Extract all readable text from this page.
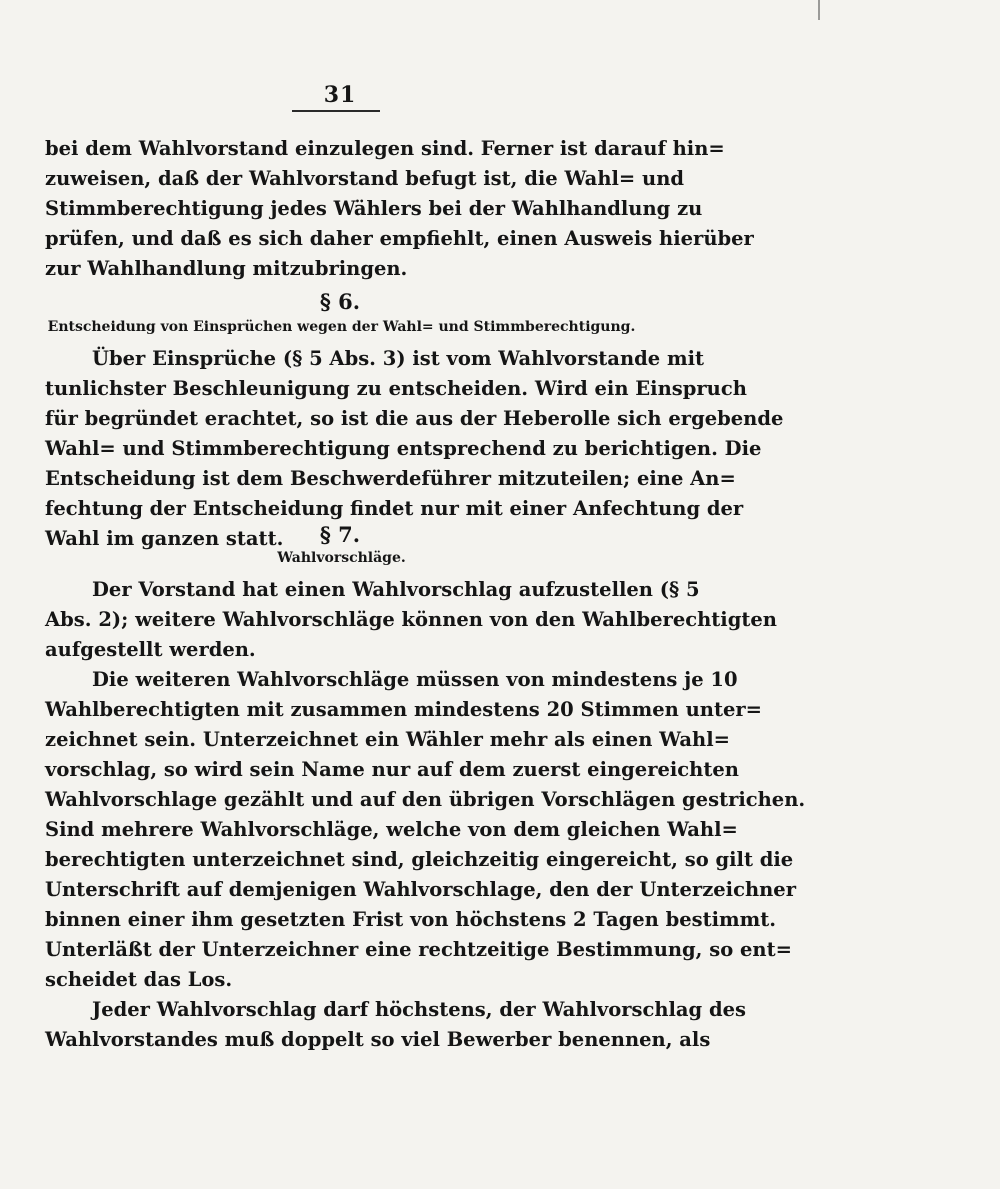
31
bei dem Wahlvorstand einzulegen sind. Ferner ist darauf hin=
zuweisen, daß der Wahlvorstand befugt ist, die Wahl= und
Stimmberechtigung jedes Wählers bei der Wahlhandlung zu
prüfen, und daß es sich daher empfiehlt, einen Ausweis hierüber
zur Wahlhandlung mitzubringen.
§ 6.
Entscheidung von Einsprüchen wegen der Wahl= und Stimmberechtigung.
Über Einsprüche (§ 5 Abs. 3) ist vom Wahlvorstande mit
tunlichster Beschleunigung zu entscheiden. Wird ein Einspruch
für begründet erachtet, so ist die aus der Heberolle sich ergebende
Wahl= und Stimmberechtigung entsprechend zu berichtigen. Die
Entscheidung ist dem Beschwerdeführer mitzuteilen; eine An=
fechtung der Entscheidung findet nur mit einer Anfechtung der
Wahl im ganzen statt.	§ 7.
Wahlvorschläge.
Der Vorstand hat einen Wahlvorschlag aufzustellen (§ 5
Abs. 2); weitere Wahlvorschläge können von den Wahlberechtigten
aufgestellt werden.
Die weiteren Wahlvorschläge müssen von mindestens je 10
Wahlberechtigten mit zusammen mindestens 20 Stimmen unter=
zeichnet sein. Unterzeichnet ein Wähler mehr als einen Wahl=
vorschlag, so wird sein Name nur auf dem zuerst eingereichten
Wahlvorschlage gezählt und auf den übrigen Vorschlägen gestrichen.
Sind mehrere Wahlvorschläge, welche von dem gleichen Wahl=
berechtigten unterzeichnet sind, gleichzeitig eingereicht, so gilt die
Unterschrift auf demjenigen Wahlvorschlage, den der Unterzeichner
binnen einer ihm gesetzten Frist von höchstens 2 Tagen bestimmt.
Unterläßt der Unterzeichner eine rechtzeitige Bestimmung, so ent=
scheidet das Los.
Jeder Wahlvorschlag darf höchstens, der Wahlvorschlag des
Wahlvorstandes muß doppelt so viel Bewerber benennen, als
